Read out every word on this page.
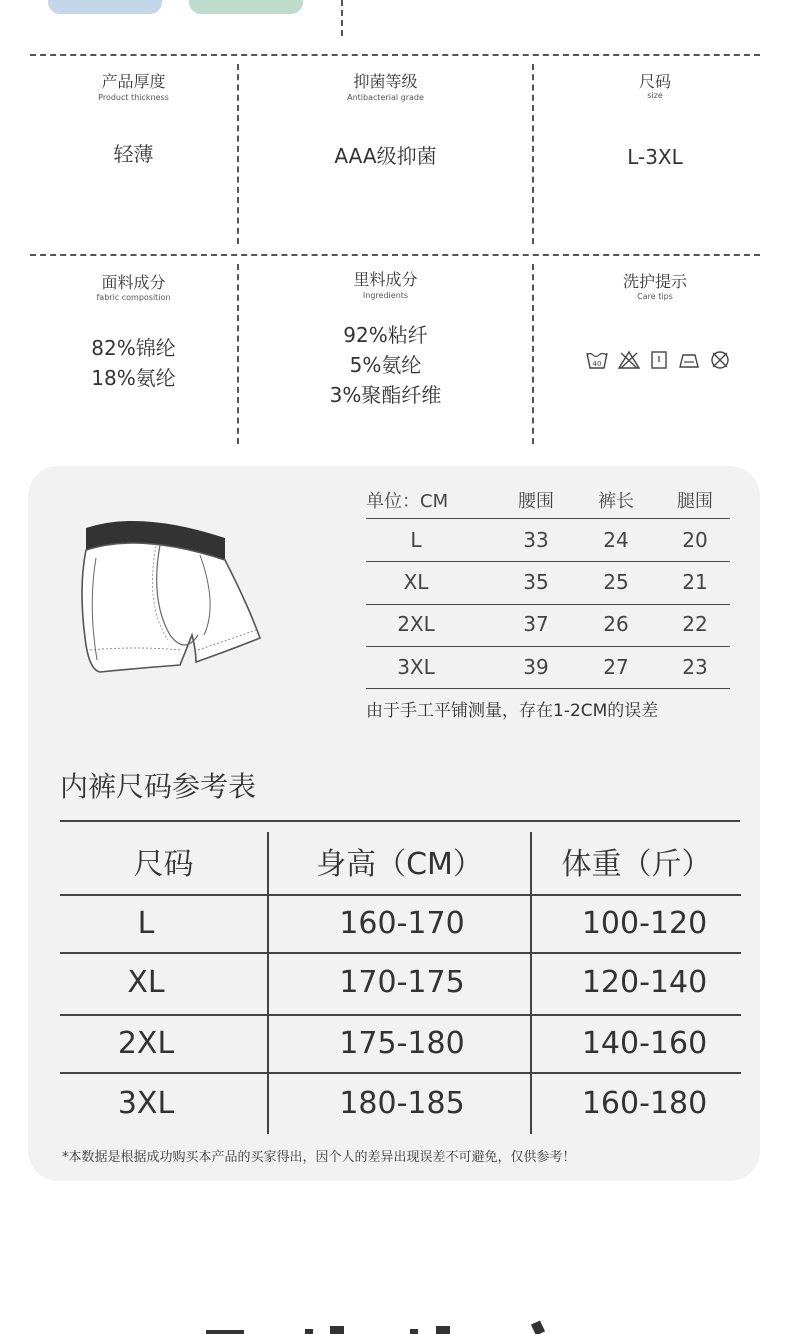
产品厚度
Product thickness
轻薄
抑菌等级
Antibacterial grade
AAA级抑菌
尺码
size
L-3XL
面料成分
fabric composition
82%锦纶
18%氨纶
里料成分
Ingredients
92%粘纤
5%氨纶
3%聚酯纤维
洗护提示
Care tips
40
单位：CM	腰围	裤长	腿围
L	33	24	20
XL	35	25	21
2XL	37	26	22
3XL	39	27	23
由于手工平铺测量，存在1-2CM的误差
内裤尺码参考表
尺码	身高（CM）	体重（斤）
L	160-170	100-120
XL	170-175	120-140
2XL	175-180	140-160
3XL	180-185	160-180
*本数据是根据成功购买本产品的买家得出，因个人的差异出现误差不可避免，仅供参考！
